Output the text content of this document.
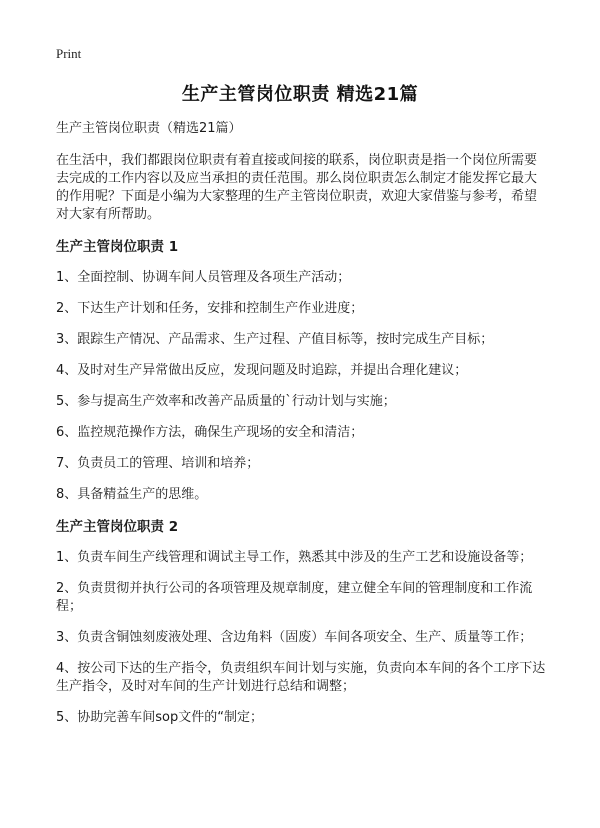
Print
生产主管岗位职责 精选21篇

生产主管岗位职责（精选21篇）

在生活中，我们都跟岗位职责有着直接或间接的联系，岗位职责是指一个岗位所需要去完成的工作内容以及应当承担的责任范围。那么岗位职责怎么制定才能发挥它最大的作用呢？下面是小编为大家整理的生产主管岗位职责，欢迎大家借鉴与参考，希望对大家有所帮助。

生产主管岗位职责 1

1、全面控制、协调车间人员管理及各项生产活动；
2、下达生产计划和任务，安排和控制生产作业进度；
3、跟踪生产情况、产品需求、生产过程、产值目标等，按时完成生产目标；
4、及时对生产异常做出反应，发现问题及时追踪，并提出合理化建议；
5、参与提高生产效率和改善产品质量的`行动计划与实施；
6、监控规范操作方法，确保生产现场的安全和清洁；
7、负责员工的管理、培训和培养；
8、具备精益生产的思维。

生产主管岗位职责 2

1、负责车间生产线管理和调试主导工作，熟悉其中涉及的生产工艺和设施设备等；
2、负责贯彻并执行公司的各项管理及规章制度，建立健全车间的管理制度和工作流程；
3、负责含铜蚀刻废液处理、含边角料（固废）车间各项安全、生产、质量等工作；
4、按公司下达的生产指令，负责组织车间计划与实施，负责向本车间的各个工序下达生产指令，及时对车间的生产计划进行总结和调整；
5、协助完善车间sop文件的“制定；
